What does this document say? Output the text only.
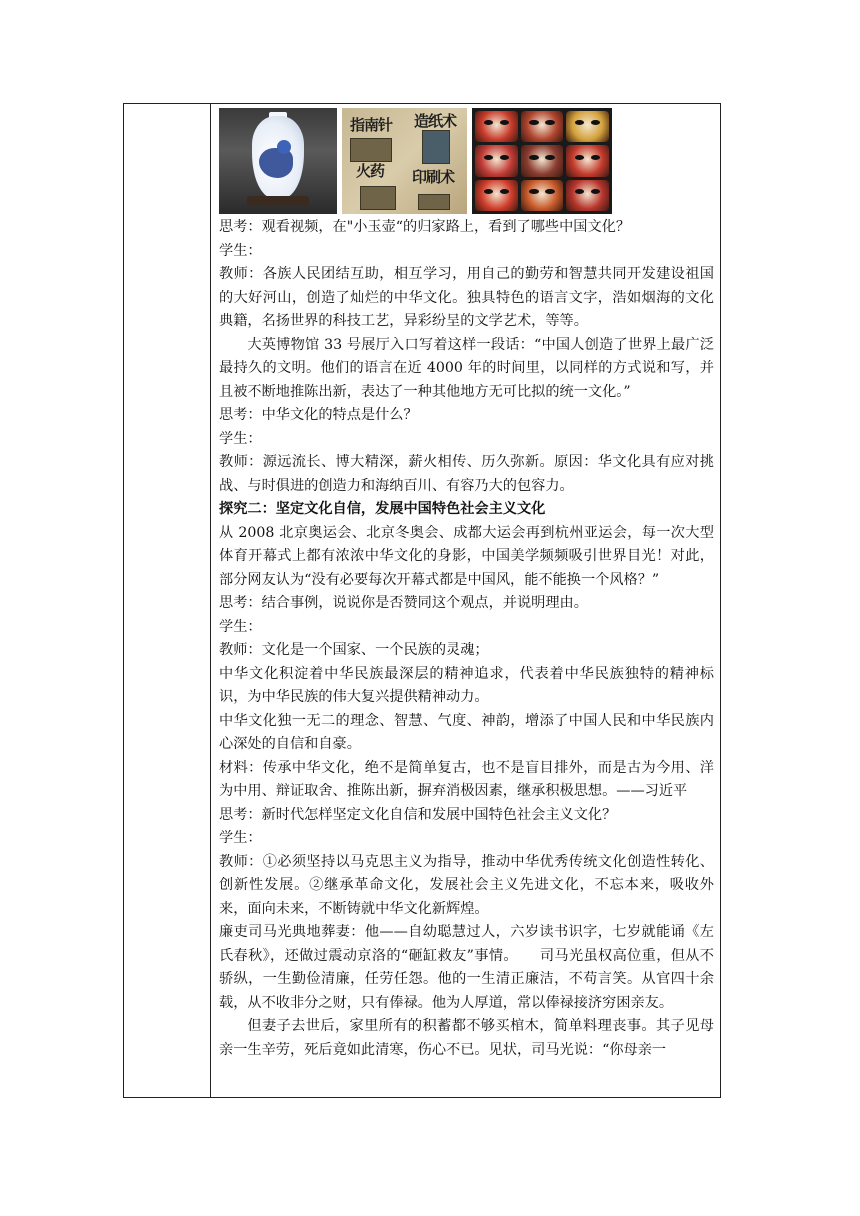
指南针 造纸术
火药 印刷术

思考：观看视频，在"小玉壶“的归家路上，看到了哪些中国文化？

学生：

教师：各族人民团结互助，相互学习，用自己的勤劳和智慧共同开发建设祖国的大好河山，创造了灿烂的中华文化。独具特色的语言文字，浩如烟海的文化典籍，名扬世界的科技工艺，异彩纷呈的文学艺术，等等。

大英博物馆 33 号展厅入口写着这样一段话：“中国人创造了世界上最广泛最持久的文明。他们的语言在近 4000 年的时间里，以同样的方式说和写，并且被不断地推陈出新，表达了一种其他地方无可比拟的统一文化。”

思考：中华文化的特点是什么？

学生：

教师：源远流长、博大精深，薪火相传、历久弥新。原因：华文化具有应对挑战、与时俱进的创造力和海纳百川、有容乃大的包容力。

探究二：坚定文化自信，发展中国特色社会主义文化

从 2008 北京奥运会、北京冬奥会、成都大运会再到杭州亚运会，每一次大型体育开幕式上都有浓浓中华文化的身影，中国美学频频吸引世界目光！对此，部分网友认为“没有必要每次开幕式都是中国风，能不能换一个风格？”

思考：结合事例，说说你是否赞同这个观点，并说明理由。

学生：

教师：文化是一个国家、一个民族的灵魂；

中华文化积淀着中华民族最深层的精神追求，代表着中华民族独特的精神标识，为中华民族的伟大复兴提供精神动力。

中华文化独一无二的理念、智慧、气度、神韵，增添了中国人民和中华民族内心深处的自信和自豪。

材料：传承中华文化，绝不是简单复古，也不是盲目排外，而是古为今用、洋为中用、辩证取舍、推陈出新，摒弃消极因素，继承积极思想。——习近平

思考：新时代怎样坚定文化自信和发展中国特色社会主义文化？

学生：

教师：①必须坚持以马克思主义为指导，推动中华优秀传统文化创造性转化、创新性发展。②继承革命文化，发展社会主义先进文化，不忘本来，吸收外来，面向未来，不断铸就中华文化新辉煌。

廉吏司马光典地葬妻：他——自幼聪慧过人，六岁读书识字，七岁就能诵《左氏春秋》，还做过震动京洛的“砸缸救友”事情。　　司马光虽权高位重，但从不骄纵，一生勤俭清廉，任劳任怨。他的一生清正廉洁，不苟言笑。从官四十余载，从不收非分之财，只有俸禄。他为人厚道，常以俸禄接济穷困亲友。

但妻子去世后，家里所有的积蓄都不够买棺木，简单料理丧事。其子见母亲一生辛劳，死后竟如此清寒，伤心不已。见状，司马光说：“你母亲一
